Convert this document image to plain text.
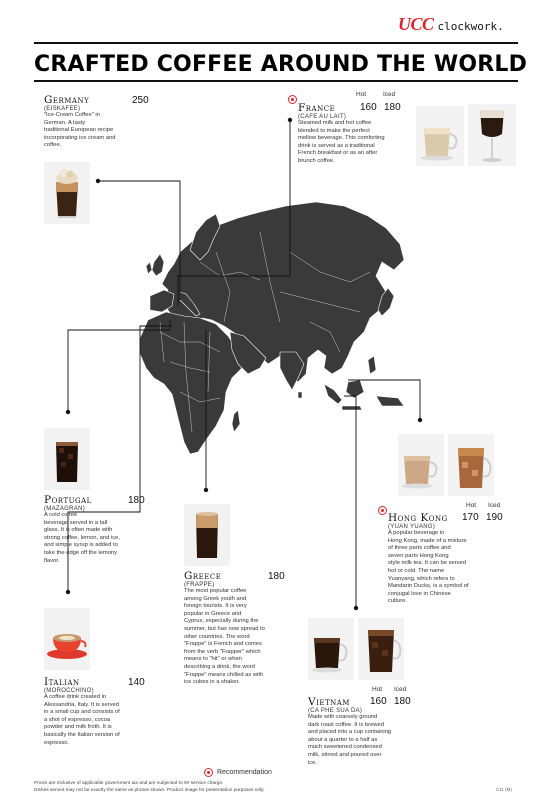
UCC clockwork.
CRAFTED COFFEE AROUND THE WORLD
Germany
(EISKAFEE)
"Ice-Cream Coffee" in
German. A tasty
traditional European recipe
incorporating ice cream and
coffee.
250
Hot	Iced
France
(CAFE AU LAIT)
Steamed milk and hot coffee
blended to make the perfect
mellow beverage. This comforting
drink is served as a traditional
French breakfast or as an after
brunch coffee.
160 180
Portugal
(MAZAGRAN)
A cold coffee
beverage served in a tall
glass. It is often made with
strong coffee, lemon, and ice,
and simple syrup is added to
take the edge off the lemony
flavor.
180
Greece
(FRAPPE)
The most popular coffee
among Greek youth and
foreign tourists. It is very
popular in Greece and
Cyprus, especially during the
summer, but has now spread to
other countries. The word
"Frappe" is French and comes
from the verb "Frapper" which
means to "hit" or when
describing a drink, the word
"Frappe" means chilled as with
ice cubes in a shaker.
180
Hot Iced
Hong Kong
(YUAN YUANG)
A popular beverage in
Hong Kong, made of a mixture
of three parts coffee and
seven parts Hong Kong
style milk tea. It can be served
hot or cold. The name
Yuanyang, which refers to
Mandarin Ducks, is a symbol of
conjugal love in Chinese
culture.
170 190
Italian
(MOROCCHINO)
A coffee drink created in
Alessandria, Italy. It is served
in a small cup and consists of
a shot of espresso, cocoa
powder and milk froth. It is
basically the Italian version of
espresso.
140
Hot Iced
Vietnam
(CA PHE SUA DA)
Made with coarsely ground
dark roast coffee. It is brewed
and placed into a cup containing
about a quarter to a half as
much sweetened condensed
milk, stirred and poured over
ice.
160 180
Recommendation
Prices are inclusive of applicable government tax and are subjected to 5# service charge.
Dishes served may not be exactly the same as photos shown. Product image for presentation purposes only.	C11 (M)
